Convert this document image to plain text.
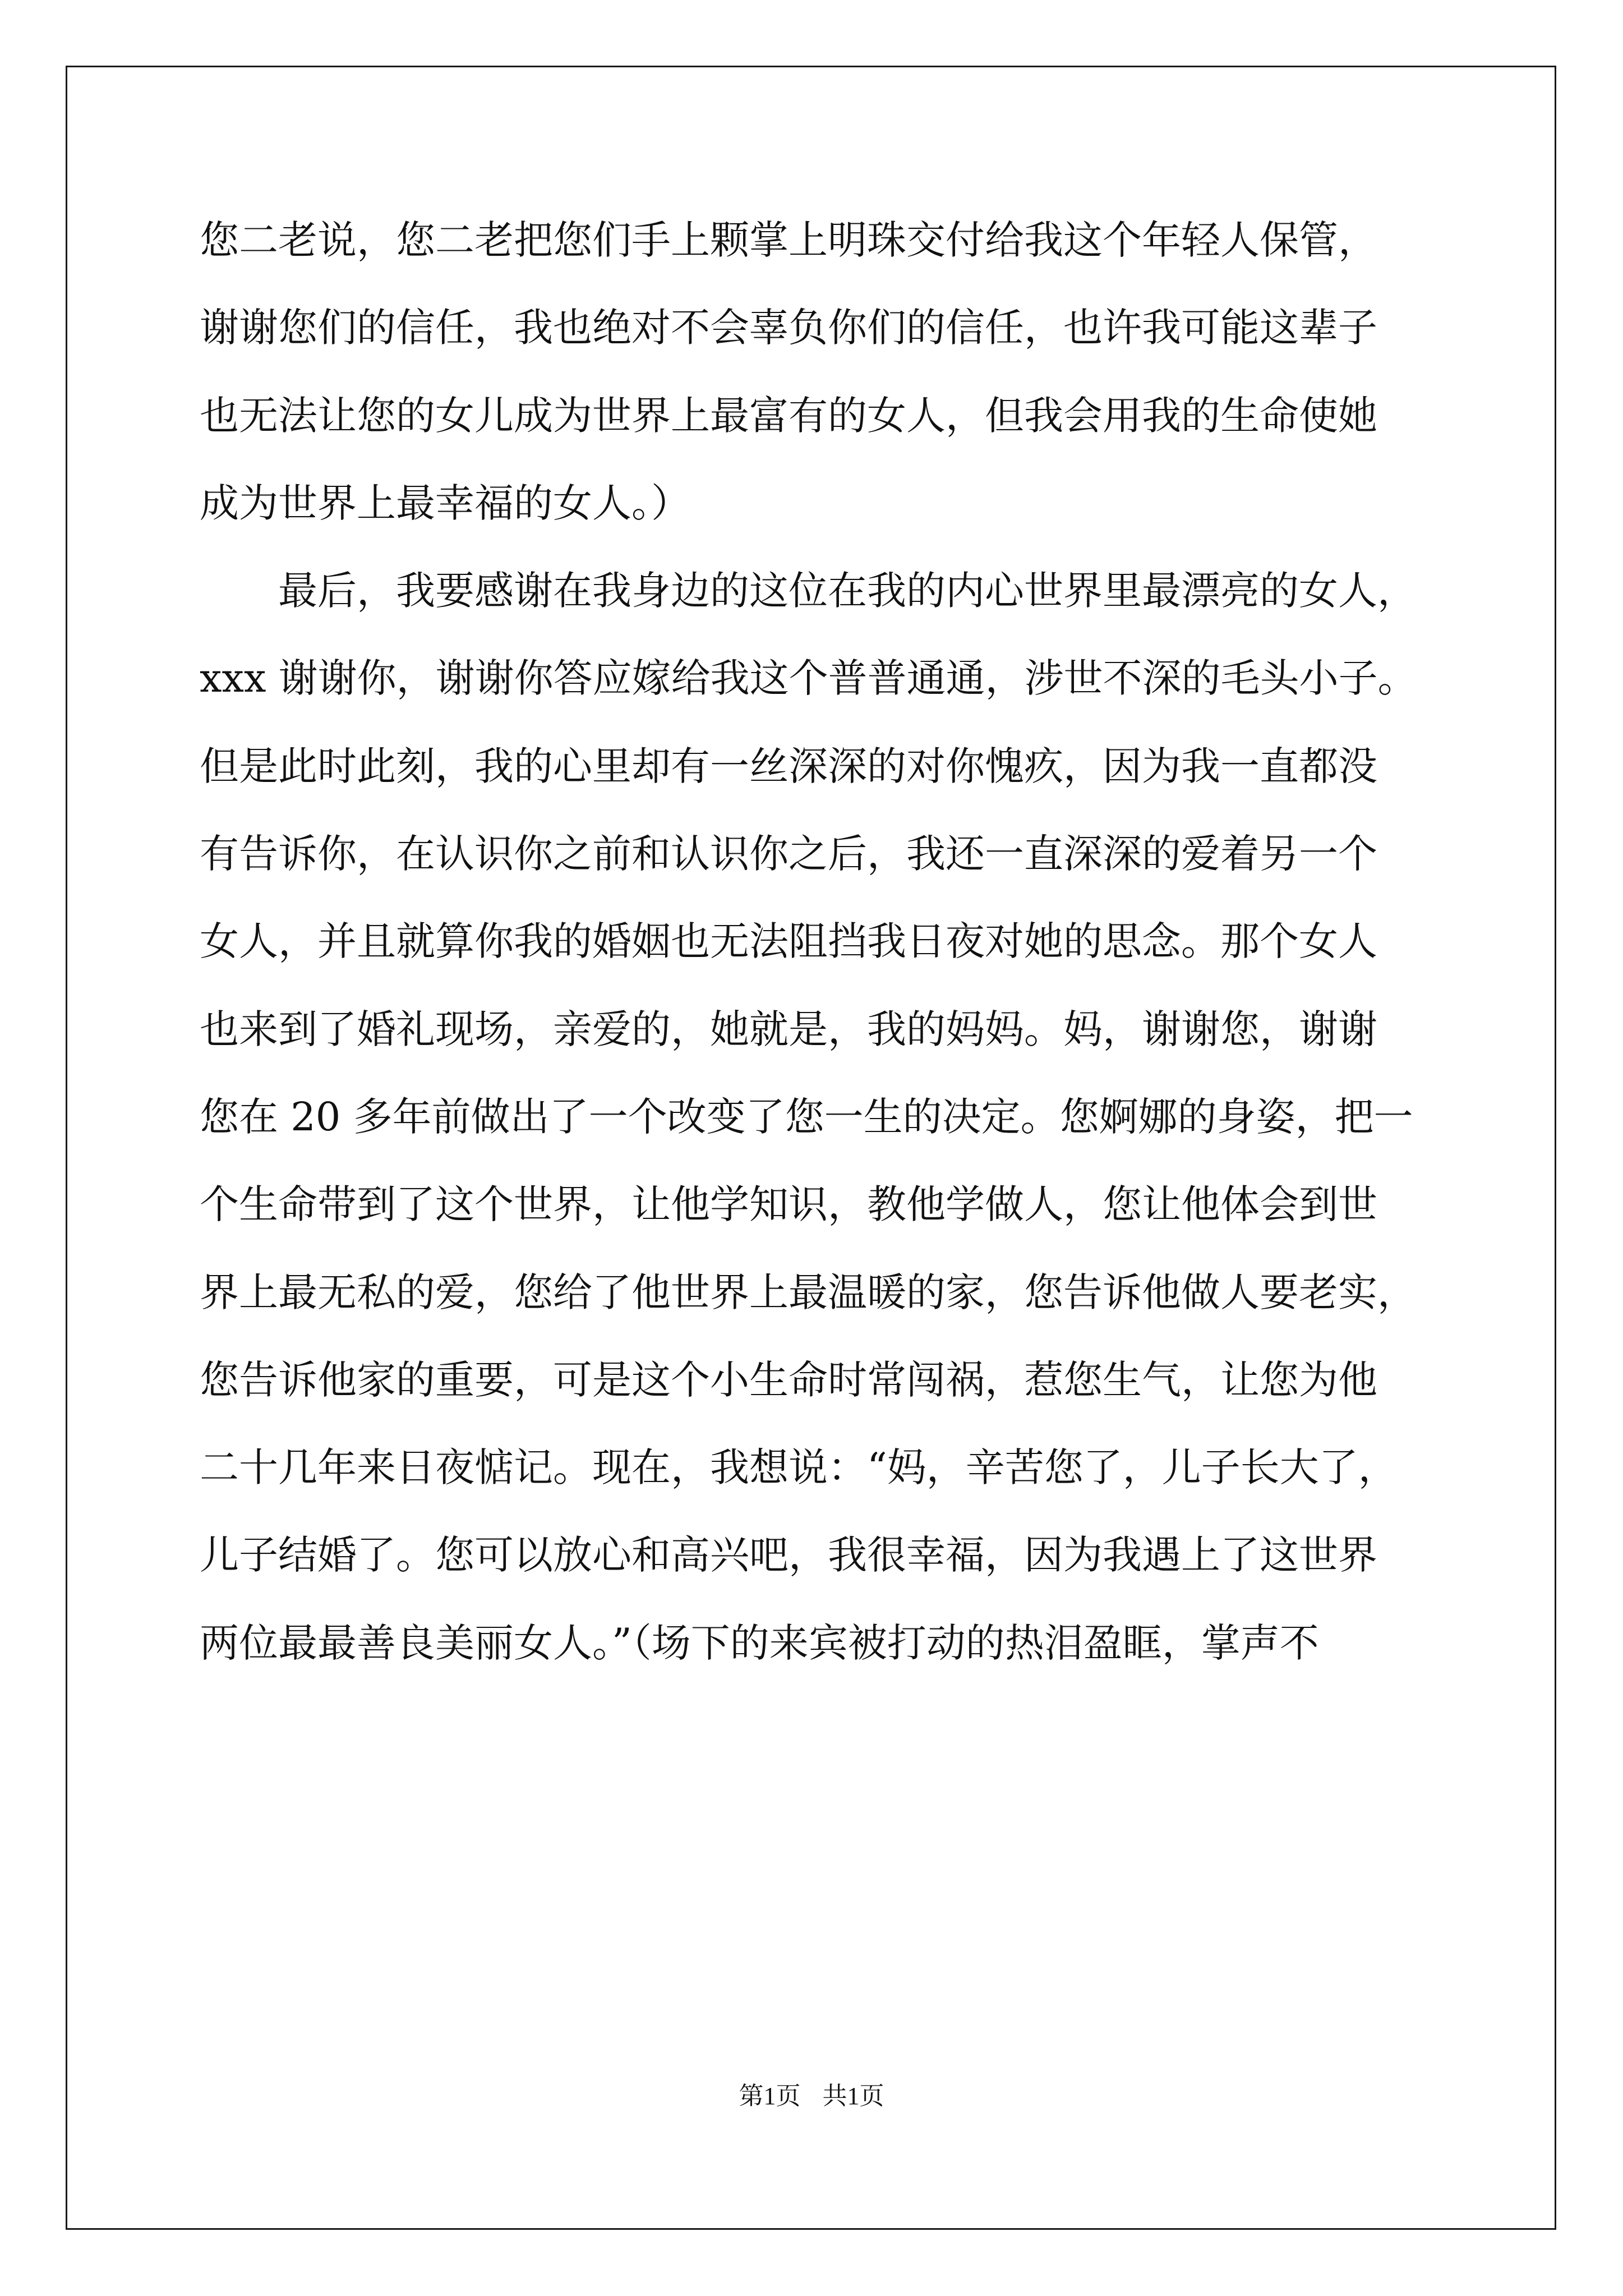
您二老说，您二老把您们手上颗掌上明珠交付给我这个年轻人保管，
谢谢您们的信任，我也绝对不会辜负你们的信任，也许我可能这辈子
也无法让您的女儿成为世界上最富有的女人，但我会用我的生命使她
成为世界上最幸福的女人。）
　　最后，我要感谢在我身边的这位在我的内心世界里最漂亮的女人，
xxx 谢谢你，谢谢你答应嫁给我这个普普通通，涉世不深的毛头小子。
但是此时此刻，我的心里却有一丝深深的对你愧疚，因为我一直都没
有告诉你，在认识你之前和认识你之后，我还一直深深的爱着另一个
女人，并且就算你我的婚姻也无法阻挡我日夜对她的思念。那个女人
也来到了婚礼现场，亲爱的，她就是，我的妈妈。妈，谢谢您，谢谢
您在 20 多年前做出了一个改变了您一生的决定。您婀娜的身姿，把一
个生命带到了这个世界，让他学知识，教他学做人，您让他体会到世
界上最无私的爱，您给了他世界上最温暖的家，您告诉他做人要老实，
您告诉他家的重要，可是这个小生命时常闯祸，惹您生气，让您为他
二十几年来日夜惦记。现在，我想说：“妈，辛苦您了，儿子长大了，
儿子结婚了。您可以放心和高兴吧，我很幸福，因为我遇上了这世界
两位最最善良美丽女人。”（场下的来宾被打动的热泪盈眶，掌声不
第1页 共1页
